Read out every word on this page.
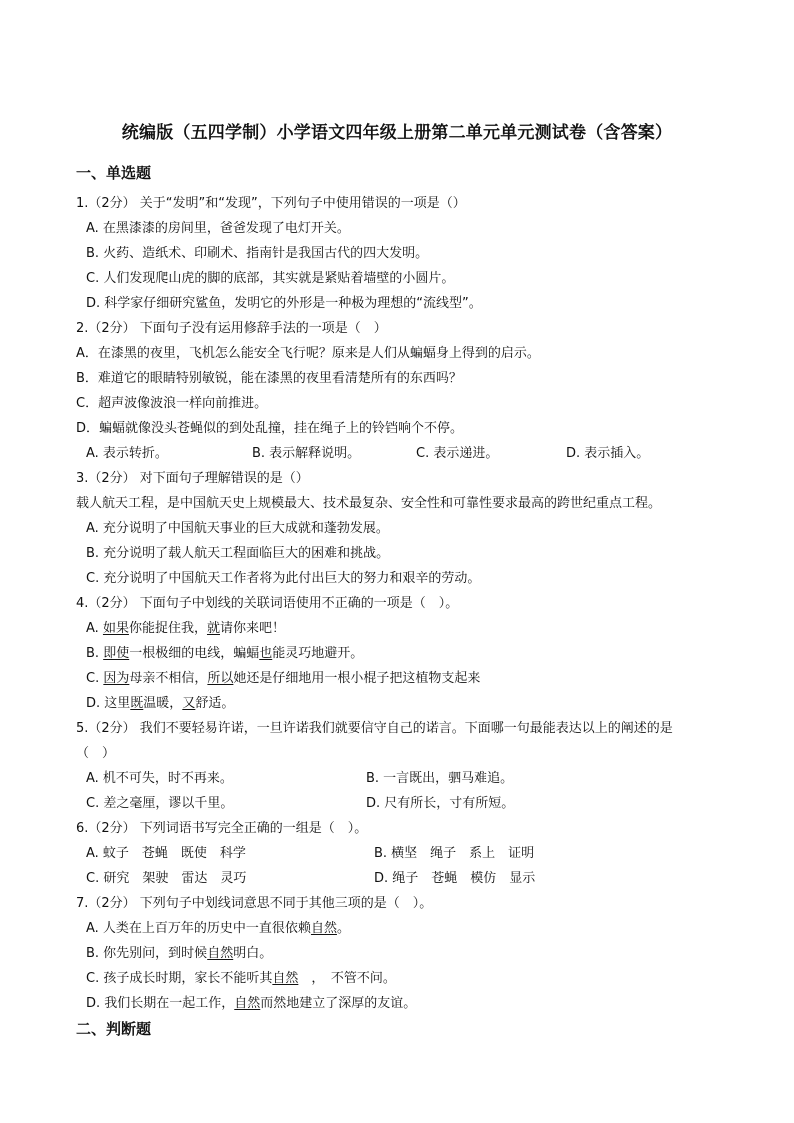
统编版（五四学制）小学语文四年级上册第二单元单元测试卷（含答案）
一、单选题
1.（2分） 关于“发明”和“发现”，下列句子中使用错误的一项是（）
A. 在黑漆漆的房间里，爸爸发现了电灯开关。
B. 火药、造纸术、印刷术、指南针是我国古代的四大发明。
C. 人们发现爬山虎的脚的底部，其实就是紧贴着墙壁的小圆片。
D. 科学家仔细研究鲨鱼，发明它的外形是一种极为理想的“流线型”。
2.（2分） 下面句子没有运用修辞手法的一项是（　）
A．在漆黑的夜里，飞机怎么能安全飞行呢？原来是人们从蝙蝠身上得到的启示。
B．难道它的眼睛特别敏锐，能在漆黑的夜里看清楚所有的东西吗？
C．超声波像波浪一样向前推进。
D．蝙蝠就像没头苍蝇似的到处乱撞，挂在绳子上的铃铛响个不停。
A. 表示转折。	B. 表示解释说明。	C. 表示递进。	D. 表示插入。
3.（2分） 对下面句子理解错误的是（）
载人航天工程，是中国航天史上规模最大、技术最复杂、安全性和可靠性要求最高的跨世纪重点工程。
A. 充分说明了中国航天事业的巨大成就和蓬勃发展。
B. 充分说明了载人航天工程面临巨大的困难和挑战。
C. 充分说明了中国航天工作者将为此付出巨大的努力和艰辛的劳动。
4.（2分） 下面句子中划线的关联词语使用不正确的一项是（　）。
A. 如果你能捉住我，就请你来吧！
B. 即使一根极细的电线，蝙蝠也能灵巧地避开。
C. 因为母亲不相信，所以她还是仔细地用一根小棍子把这植物支起来
D. 这里既温暖，又舒适。
5.（2分） 我们不要轻易许诺，一旦许诺我们就要信守自己的诺言。下面哪一句最能表达以上的阐述的是
（　）
A. 机不可失，时不再来。	B. 一言既出，驷马难追。
C. 差之毫厘，谬以千里。	D. 尺有所长，寸有所短。
6.（2分） 下列词语书写完全正确的一组是（　）。
A. 蚊子　苍蝇　既使　科学	B. 横坚　绳子　系上　证明
C. 研究　架驶　雷达　灵巧	D. 绳子　苍蝇　模仿　显示
7.（2分） 下列句子中划线词意思不同于其他三项的是（　）。
A. 人类在上百万年的历史中一直很依赖自然。
B. 你先别问，到时候自然明白。
C. 孩子成长时期，家长不能听其自然　，　不管不问。
D. 我们长期在一起工作，自然而然地建立了深厚的友谊。
二、判断题
